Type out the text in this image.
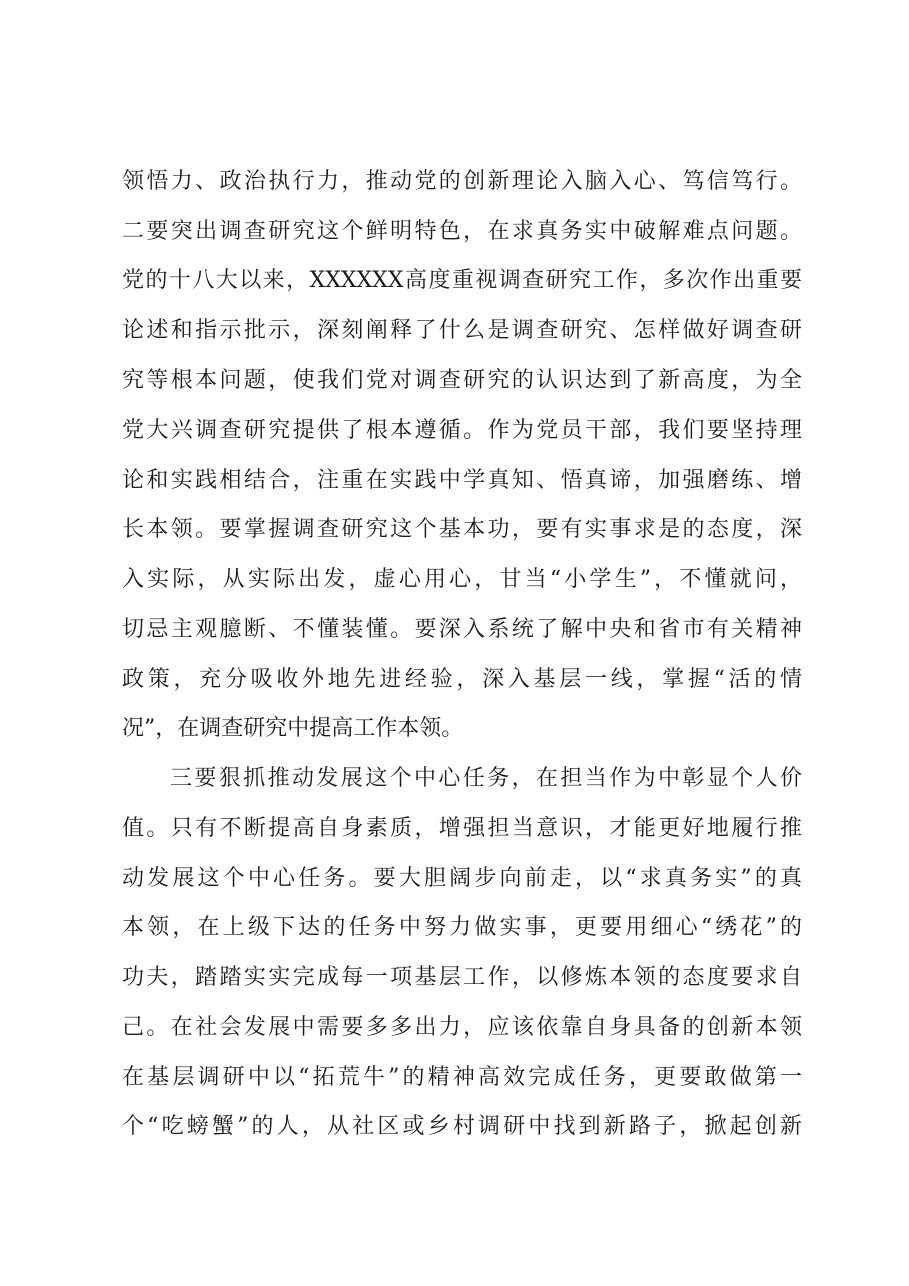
领悟力、政治执行力，推动党的创新理论入脑入心、笃信笃行。
二要突出调查研究这个鲜明特色，在求真务实中破解难点问题。
党的十八大以来，XXXXXX高度重视调查研究工作，多次作出重要
论述和指示批示，深刻阐释了什么是调查研究、怎样做好调查研
究等根本问题，使我们党对调查研究的认识达到了新高度，为全
党大兴调查研究提供了根本遵循。作为党员干部，我们要坚持理
论和实践相结合，注重在实践中学真知、悟真谛，加强磨练、增
长本领。要掌握调查研究这个基本功，要有实事求是的态度，深
入实际，从实际出发，虚心用心，甘当“小学生”，不懂就问，
切忌主观臆断、不懂装懂。要深入系统了解中央和省市有关精神
政策，充分吸收外地先进经验，深入基层一线，掌握“活的情
况”，在调查研究中提高工作本领。
三要狠抓推动发展这个中心任务，在担当作为中彰显个人价
值。只有不断提高自身素质，增强担当意识，才能更好地履行推
动发展这个中心任务。要大胆阔步向前走，以“求真务实”的真
本领，在上级下达的任务中努力做实事，更要用细心“绣花”的
功夫，踏踏实实完成每一项基层工作，以修炼本领的态度要求自
己。在社会发展中需要多多出力，应该依靠自身具备的创新本领
在基层调研中以“拓荒牛”的精神高效完成任务，更要敢做第一
个“吃螃蟹”的人，从社区或乡村调研中找到新路子，掀起创新
